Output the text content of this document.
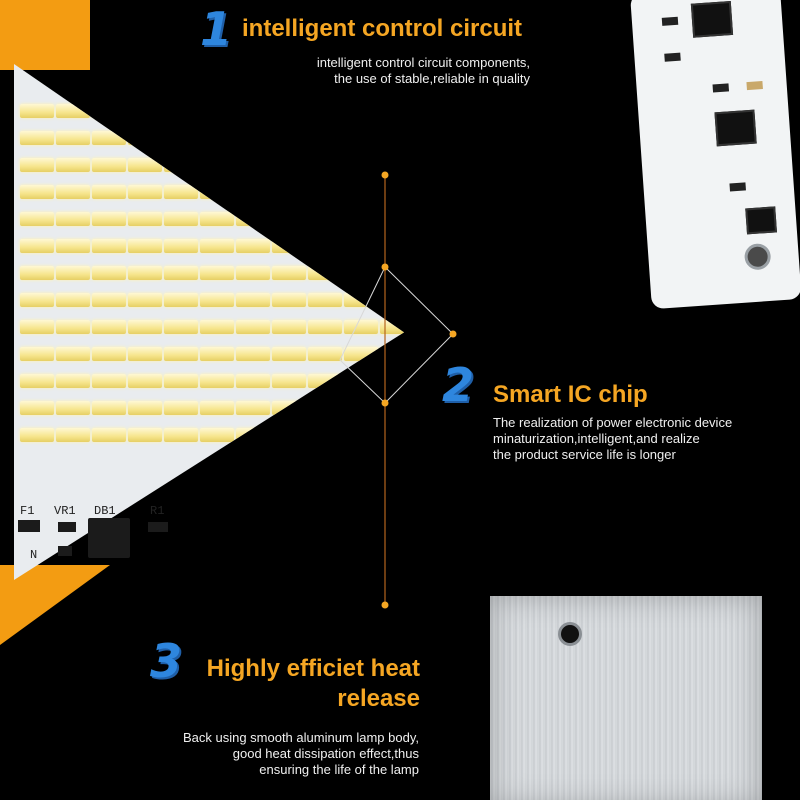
F1 VR1 DB1	R1
N
1 intelligent control circuit
intelligent control circuit components,
the use of stable,reliable in quality
2 Smart IC chip
The realization of power electronic device
minaturization,intelligent,and realize
the product service life is longer
3	Highly efficiet heat
release
Back using smooth aluminum lamp body,
good heat dissipation effect,thus
ensuring the life of the lamp
